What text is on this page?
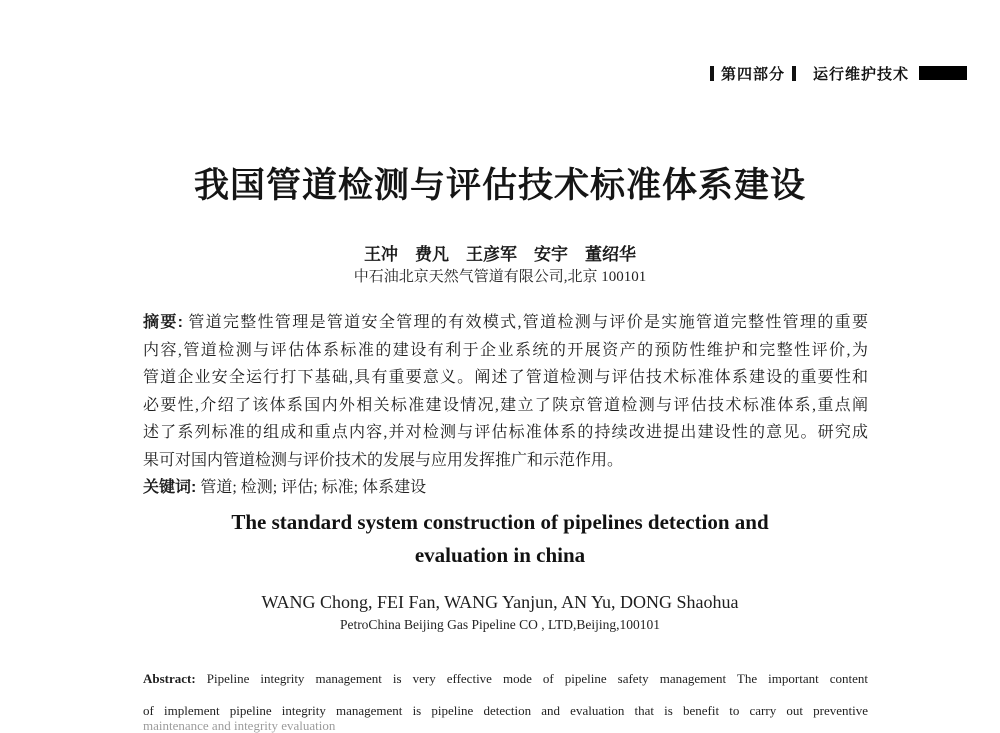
第四部分 运行维护技术
我国管道检测与评估技术标准体系建设
王冲　费凡　王彦军　安宇　董绍华
中石油北京天然气管道有限公司,北京 100101
摘要: 管道完整性管理是管道安全管理的有效模式,管道检测与评价是实施管道完整性管理的重要
内容,管道检测与评估体系标准的建设有利于企业系统的开展资产的预防性维护和完整性评价,为
管道企业安全运行打下基础,具有重要意义。阐述了管道检测与评估技术标准体系建设的重要性和
必要性,介绍了该体系国内外相关标准建设情况,建立了陕京管道检测与评估技术标准体系,重点阐
述了系列标准的组成和重点内容,并对检测与评估标准体系的持续改进提出建设性的意见。研究成
果可对国内管道检测与评价技术的发展与应用发挥推广和示范作用。
关键词: 管道; 检测; 评估; 标准; 体系建设
The standard system construction of pipelines detection and
evaluation in china
WANG Chong, FEI Fan, WANG Yanjun, AN Yu, DONG Shaohua
PetroChina Beijing Gas Pipeline CO , LTD,Beijing,100101
Abstract: Pipeline integrity management is very effective mode of pipeline safety management The important content
of implement pipeline integrity management is pipeline detection and evaluation that is benefit to carry out preventive
maintenance and integrity evaluation
